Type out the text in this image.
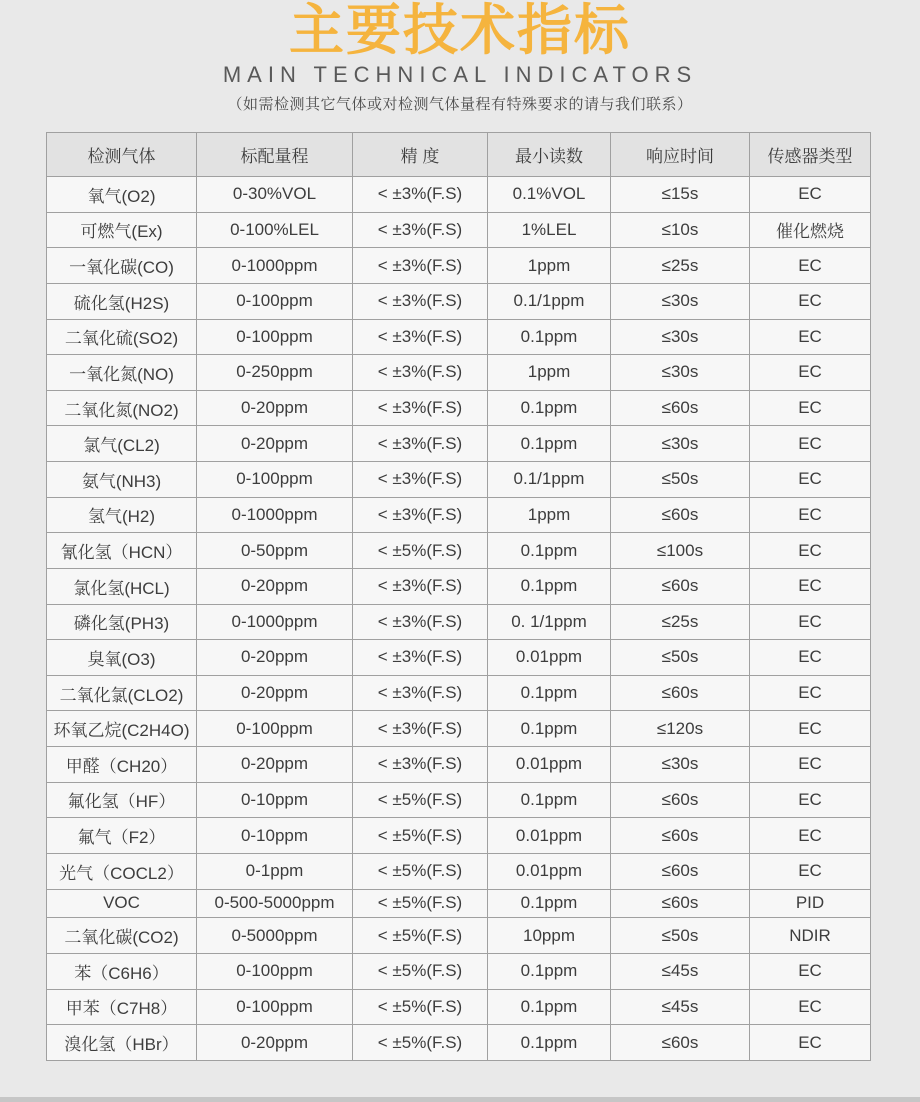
主要技术指标
MAIN TECHNICAL INDICATORS
（如需检测其它气体或对检测气体量程有特殊要求的请与我们联系）
检测气体	标配量程	精 度	最小读数	响应时间	传感器类型
氧气(O2)	0-30%VOL	< ±3%(F.S)	0.1%VOL	≤15s	EC
可燃气(Ex)	0-100%LEL	< ±3%(F.S)	1%LEL	≤10s	催化燃烧
一氧化碳(CO)	0-1000ppm	< ±3%(F.S)	1ppm	≤25s	EC
硫化氢(H2S)	0-100ppm	< ±3%(F.S)	0.1/1ppm	≤30s	EC
二氧化硫(SO2)	0-100ppm	< ±3%(F.S)	0.1ppm	≤30s	EC
一氧化氮(NO)	0-250ppm	< ±3%(F.S)	1ppm	≤30s	EC
二氧化氮(NO2)	0-20ppm	< ±3%(F.S)	0.1ppm	≤60s	EC
氯气(CL2)	0-20ppm	< ±3%(F.S)	0.1ppm	≤30s	EC
氨气(NH3)	0-100ppm	< ±3%(F.S)	0.1/1ppm	≤50s	EC
氢气(H2)	0-1000ppm	< ±3%(F.S)	1ppm	≤60s	EC
氰化氢（HCN）	0-50ppm	< ±5%(F.S)	0.1ppm	≤100s	EC
氯化氢(HCL)	0-20ppm	< ±3%(F.S)	0.1ppm	≤60s	EC
磷化氢(PH3)	0-1000ppm	< ±3%(F.S)	0. 1/1ppm	≤25s	EC
臭氧(O3)	0-20ppm	< ±3%(F.S)	0.01ppm	≤50s	EC
二氧化氯(CLO2)	0-20ppm	< ±3%(F.S)	0.1ppm	≤60s	EC
环氧乙烷(C2H4O)	0-100ppm	< ±3%(F.S)	0.1ppm	≤120s	EC
甲醛（CH20）	0-20ppm	< ±3%(F.S)	0.01ppm	≤30s	EC
氟化氢（HF）	0-10ppm	< ±5%(F.S)	0.1ppm	≤60s	EC
氟气（F2）	0-10ppm	< ±5%(F.S)	0.01ppm	≤60s	EC
光气（COCL2）	0-1ppm	< ±5%(F.S)	0.01ppm	≤60s	EC
VOC	0-500-5000ppm	< ±5%(F.S)	0.1ppm	≤60s	PID
二氧化碳(CO2)	0-5000ppm	< ±5%(F.S)	10ppm	≤50s	NDIR
苯（C6H6）	0-100ppm	< ±5%(F.S)	0.1ppm	≤45s	EC
甲苯（C7H8）	0-100ppm	< ±5%(F.S)	0.1ppm	≤45s	EC
溴化氢（HBr）	0-20ppm	< ±5%(F.S)	0.1ppm	≤60s	EC
